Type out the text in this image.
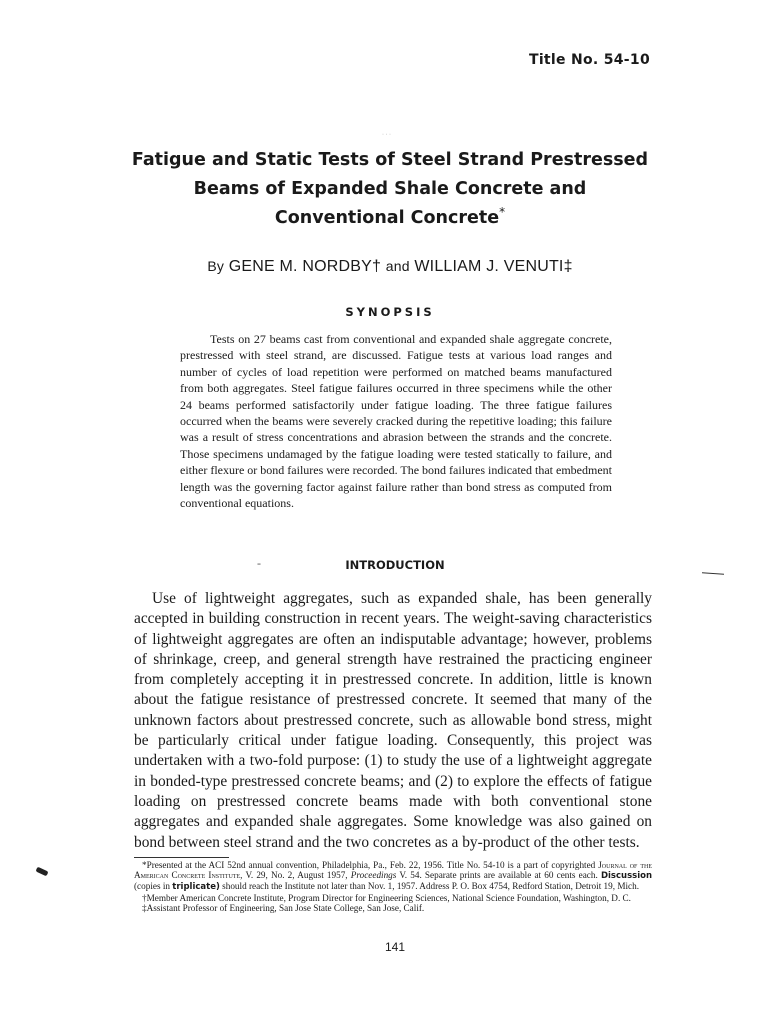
· · ·
Title No. 54-10
Fatigue and Static Tests of Steel Strand Prestressed
Beams of Expanded Shale Concrete and
Conventional Concrete*
By GENE M. NORDBY† and WILLIAM J. VENUTI‡
SYNOPSIS

Tests on 27 beams cast from conventional and expanded shale aggregate concrete, prestressed with steel strand, are discussed. Fatigue tests at various load ranges and number of cycles of load repetition were performed on matched beams manufactured from both aggregates. Steel fatigue failures occurred in three specimens while the other 24 beams performed satisfactorily under fatigue loading. The three fatigue failures occurred when the beams were severely cracked during the repetitive loading; this failure was a result of stress concentrations and abrasion between the strands and the concrete. Those specimens undamaged by the fatigue loading were tested statically to failure, and either flexure or bond failures were recorded. The bond failures indicated that embedment length was the governing factor against failure rather than bond stress as computed from conventional equations.

-	INTRODUCTION

Use of lightweight aggregates, such as expanded shale, has been generally accepted in building construction in recent years. The weight-saving characteristics of lightweight aggregates are often an indisputable advantage; however, problems of shrinkage, creep, and general strength have restrained the practicing engineer from completely accepting it in prestressed concrete. In addition, little is known about the fatigue resistance of prestressed concrete. It seemed that many of the unknown factors about prestressed concrete, such as allowable bond stress, might be particularly critical under fatigue loading. Consequently, this project was undertaken with a two-fold purpose: (1) to study the use of a lightweight aggregate in bonded-type prestressed concrete beams; and (2) to explore the effects of fatigue loading on prestressed concrete beams made with both conventional stone aggregates and expanded shale aggregates. Some knowledge was also gained on bond between steel strand and the two concretes as a by-product of the other tests.

*Presented at the ACI 52nd annual convention, Philadelphia, Pa., Feb. 22, 1956. Title No. 54-10 is a part of copyrighted Journal of the American Concrete Institute, V. 29, No. 2, August 1957, Proceedings V. 54. Separate prints are available at 60 cents each. Discussion (copies in triplicate) should reach the Institute not later than Nov. 1, 1957. Address P. O. Box 4754, Redford Station, Detroit 19, Mich.

†Member American Concrete Institute, Program Director for Engineering Sciences, National Science Foundation, Washington, D. C.

‡Assistant Professor of Engineering, San Jose State College, San Jose, Calif.

141
